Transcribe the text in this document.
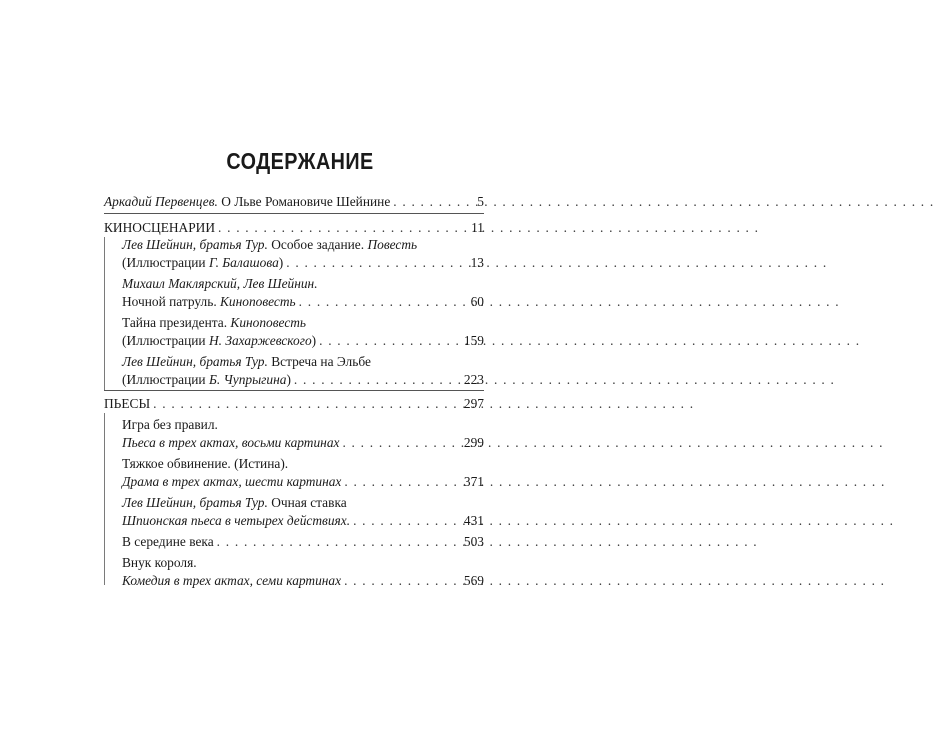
СОДЕРЖАНИЕ
Аркадий Первенцев. О Льве Романовиче Шейнине . . .	5
КИНОСЦЕНАРИИ . . .	11
Лев Шейнин, братья Тур. Особое задание. Повесть
(Иллюстрации Г. Балашова) . . .	13
Михаил Маклярский, Лев Шейнин.
Ночной патруль. Киноповесть . . .	60
Тайна президента. Киноповесть
(Иллюстрации Н. Захаржевского) . . .	159
Лев Шейнин, братья Тур. Встреча на Эльбе
(Иллюстрации Б. Чупрыгина) . . .	223
ПЬЕСЫ . . .	297
Игра без правил.
Пьеса в трех актах, восьми картинах . . .	299
Тяжкое обвинение. (Истина).
Драма в трех актах, шести картинах . . .	371
Лев Шейнин, братья Тур. Очная ставка
Шпионская пьеса в четырех действиях. . . .	431
В середине века . . .	503
Внук короля.
Комедия в трех актах, семи картинах . . .	569
